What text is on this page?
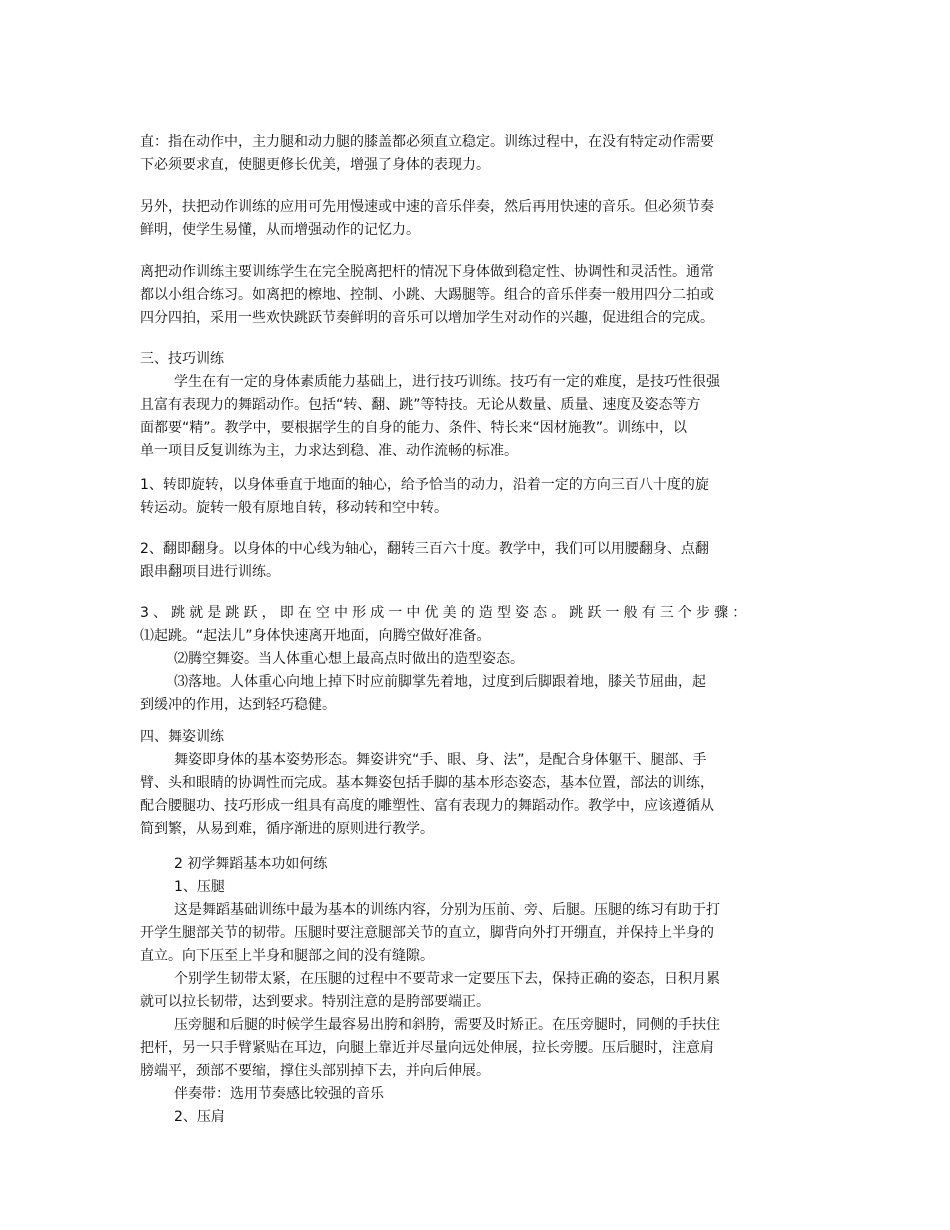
直：指在动作中，主力腿和动力腿的膝盖都必须直立稳定。训练过程中，在没有特定动作需要
下必须要求直，使腿更修长优美，增强了身体的表现力。
另外，扶把动作训练的应用可先用慢速或中速的音乐伴奏，然后再用快速的音乐。但必须节奏
鲜明，使学生易懂，从而增强动作的记忆力。
离把动作训练主要训练学生在完全脱离把杆的情况下身体做到稳定性、协调性和灵活性。通常
都以小组合练习。如离把的檫地、控制、小跳、大踢腿等。组合的音乐伴奏一般用四分二拍或
四分四拍，采用一些欢快跳跃节奏鲜明的音乐可以增加学生对动作的兴趣，促进组合的完成。
三、技巧训练
学生在有一定的身体素质能力基础上，进行技巧训练。技巧有一定的难度，是技巧性很强
且富有表现力的舞蹈动作。包括“转、翻、跳”等特技。无论从数量、质量、速度及姿态等方
面都要“精”。教学中，要根据学生的自身的能力、条件、特长来“因材施教”。训练中，以
单一项目反复训练为主，力求达到稳、准、动作流畅的标准。
1、转即旋转，以身体垂直于地面的轴心，给予恰当的动力，沿着一定的方向三百八十度的旋
转运动。旋转一般有原地自转，移动转和空中转。
2、翻即翻身。以身体的中心线为轴心，翻转三百六十度。教学中，我们可以用腰翻身、点翻
跟串翻项目进行训练。
3、跳就是跳跃，即在空中形成一中优美的造型姿态。跳跃一般有三个步骤：
⑴起跳。“起法儿”身体快速离开地面，向腾空做好准备。
⑵腾空舞姿。当人体重心想上最高点时做出的造型姿态。
⑶落地。人体重心向地上掉下时应前脚掌先着地，过度到后脚跟着地，膝关节屈曲，起
到缓冲的作用，达到轻巧稳健。
四、舞姿训练
舞姿即身体的基本姿势形态。舞姿讲究“手、眼、身、法”，是配合身体躯干、腿部、手
臂、头和眼睛的协调性而完成。基本舞姿包括手脚的基本形态姿态，基本位置，部法的训练，
配合腰腿功、技巧形成一组具有高度的雕塑性、富有表现力的舞蹈动作。教学中，应该遵循从
简到繁，从易到难，循序渐进的原则进行教学。
2 初学舞蹈基本功如何练
1、压腿
这是舞蹈基础训练中最为基本的训练内容，分别为压前、旁、后腿。压腿的练习有助于打
开学生腿部关节的韧带。压腿时要注意腿部关节的直立，脚背向外打开绷直，并保持上半身的
直立。向下压至上半身和腿部之间的没有缝隙。
个别学生韧带太紧，在压腿的过程中不要苛求一定要压下去，保持正确的姿态，日积月累
就可以拉长韧带，达到要求。特别注意的是胯部要端正。
压旁腿和后腿的时候学生最容易出胯和斜胯，需要及时矫正。在压旁腿时，同侧的手扶住
把杆，另一只手臂紧贴在耳边，向腿上靠近并尽量向远处伸展，拉长旁腰。压后腿时，注意肩
膀端平，颈部不要缩，撑住头部别掉下去，并向后伸展。
伴奏带：选用节奏感比较强的音乐
2、压肩
